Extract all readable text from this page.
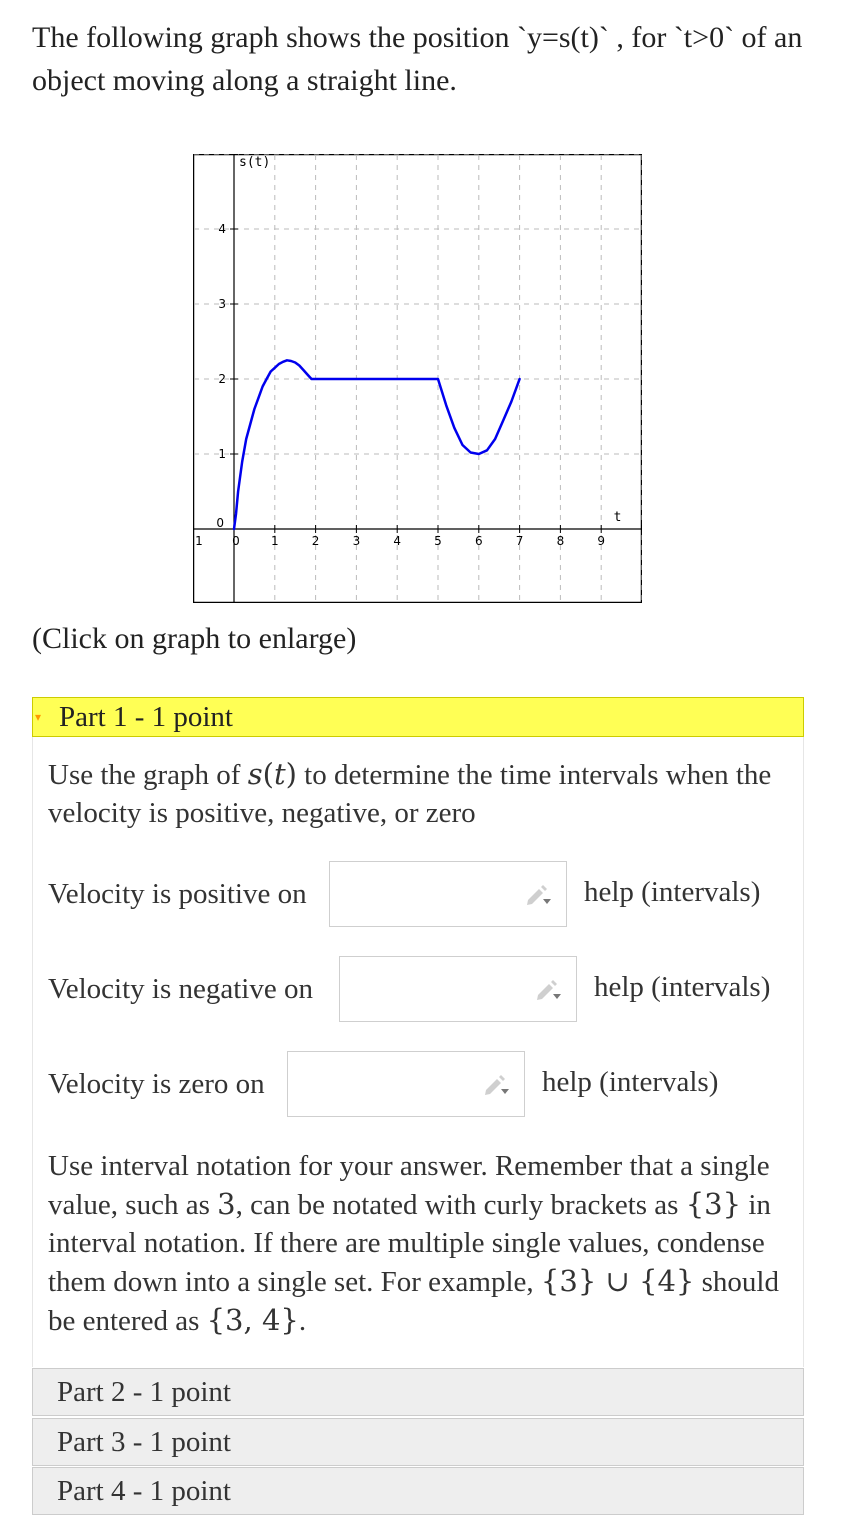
The following graph shows the position `y=s(t)` , for `t>0` of an object moving along a straight line.
1	2	3	4	5	6	7	8	9
1
2
3
4
0
0
1
s(t)
t
(Click on graph to enlarge)
▾ Part 1 - 1 point
Use the graph of s(t) to determine the time intervals when the velocity is positive, negative, or zero
Velocity is positive on	help (intervals)
Velocity is negative on	help (intervals)
Velocity is zero on	help (intervals)
Use interval notation for your answer. Remember that a single value, such as 3, can be notated with curly brackets as {3} in interval notation. If there are multiple single values, condense them down into a single set. For example, {3} ∪ {4} should be entered as {3, 4}.
Part 2 - 1 point
Part 3 - 1 point
Part 4 - 1 point
